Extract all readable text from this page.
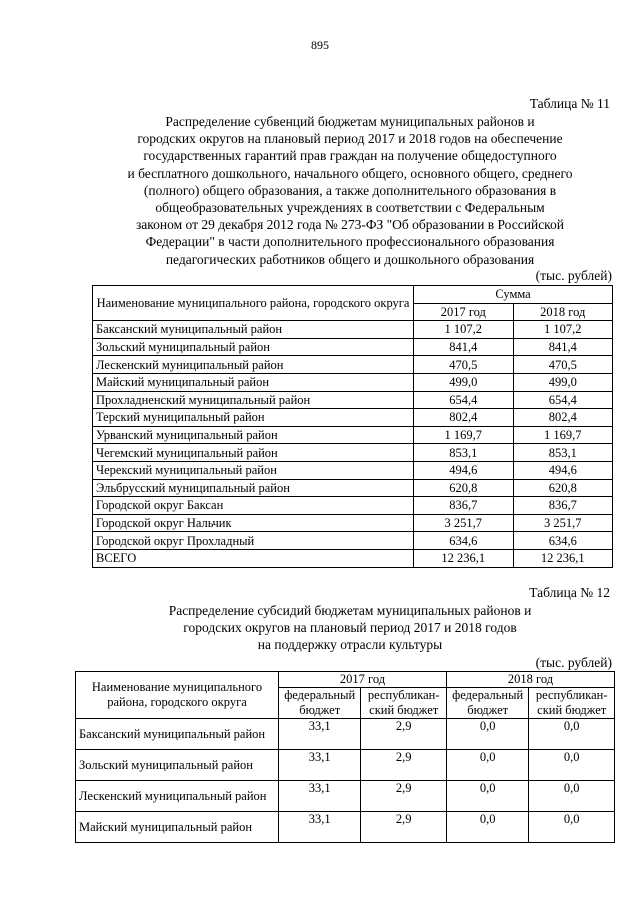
895
Таблица № 11
Распределение субвенций бюджетам муниципальных районов и
городских округов на плановый период 2017 и 2018 годов на обеспечение
государственных гарантий прав граждан на получение общедоступного
и бесплатного дошкольного, начального общего, основного общего, среднего
(полного) общего образования, а также дополнительного образования в
общеобразовательных учреждениях в соответствии с Федеральным
законом от 29 декабря 2012 года № 273-ФЗ "Об образовании в Российской
Федерации" в части дополнительного профессионального образования
педагогических работников общего и дошкольного образования
(тыс. рублей)
Наименование муниципального района, городского округа	Сумма	
	2017 год	2018 год
Баксанский муниципальный район	1 107,2	1 107,2
Зольский муниципальный район	841,4	841,4
Лескенский муниципальный район	470,5	470,5
Майский муниципальный район	499,0	499,0
Прохладненский муниципальный район	654,4	654,4
Терский муниципальный район	802,4	802,4
Урванский муниципальный район	1 169,7	1 169,7
Чегемский муниципальный район	853,1	853,1
Черекский муниципальный район	494,6	494,6
Эльбрусский муниципальный район	620,8	620,8
Городской округ Баксан	836,7	836,7
Городской округ Нальчик	3 251,7	3 251,7
Городской округ Прохладный	634,6	634,6
ВСЕГО	12 236,1	12 236,1
Таблица № 12
Распределение субсидий бюджетам муниципальных районов и
городских округов на плановый период 2017 и 2018 годов
на поддержку отрасли культуры
(тыс. рублей)
Наименование муниципального района, городского округа	2017 год		2018 год	
	федеральный бюджет	республикан-ский бюджет	федеральный бюджет	республикан-ский бюджет
Баксанский муниципальный район	33,1	2,9	0,0	0,0
Зольский муниципальный район	33,1	2,9	0,0	0,0
Лескенский муниципальный район	33,1	2,9	0,0	0,0
Майский муниципальный район	33,1	2,9	0,0	0,0
